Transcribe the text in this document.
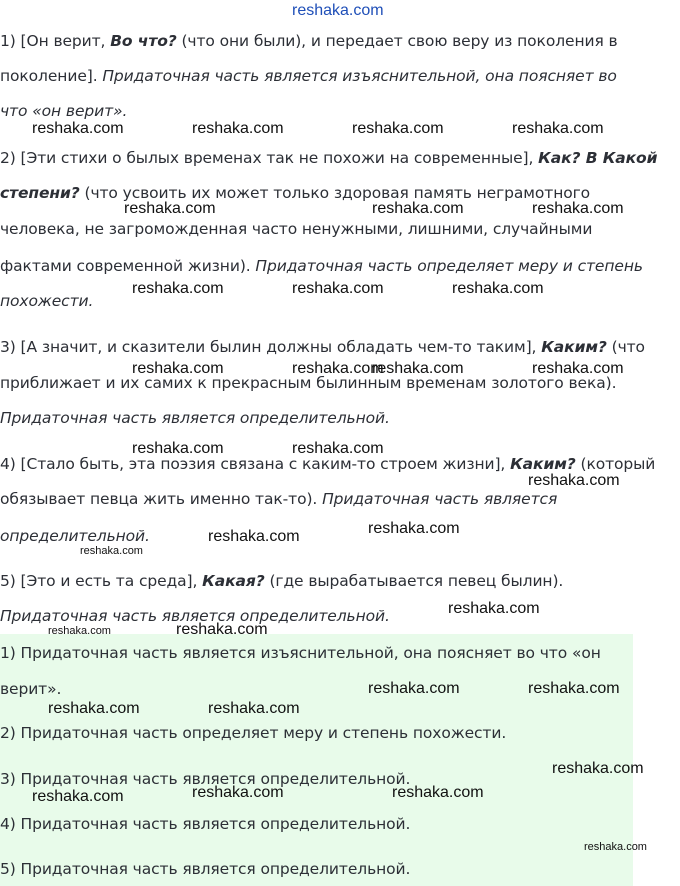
1) [Он верит, Во что? (что они были), и передает свою веру из поколения в
поколение]. Придаточная часть является изъяснительной, она поясняет во
что «он верит».
2) [Эти стихи о былых временах так не похожи на современные], Как? В Какой
степени? (что усвоить их может только здоровая память неграмотного
человека, не загроможденная часто ненужными, лишними, случайными
фактами современной жизни). Придаточная часть определяет меру и степень
похожести.
3) [А значит, и сказители былин должны обладать чем-то таким], Каким? (что
приближает и их самих к прекрасным былинным временам золотого века).
Придаточная часть является определительной.
4) [Стало быть, эта поэзия связана с каким-то строем жизни], Каким? (который
обязывает певца жить именно так-то). Придаточная часть является
определительной.
5) [Это и есть та среда], Какая? (где вырабатывается певец былин).
Придаточная часть является определительной.
1) Придаточная часть является изъяснительной, она поясняет во что «он
верит».
2) Придаточная часть определяет меру и степень похожести.
3) Придаточная часть является определительной.
4) Придаточная часть является определительной.
5) Придаточная часть является определительной.
reshaka.com
reshaka.com	reshaka.com	reshaka.com	reshaka.com
reshaka.com	reshaka.com	reshaka.com
reshaka.com	reshaka.com	reshaka.com
reshaka.com	reshaka.com
reshaka.com	reshaka.com
reshaka.com	reshaka.com
reshaka.com
reshaka.com
reshaka.com
reshaka.com
reshaka.com
reshaka.com	reshaka.com
reshaka.com	reshaka.com
reshaka.com	reshaka.com
reshaka.com
reshaka.com	reshaka.com	reshaka.com
reshaka.com
